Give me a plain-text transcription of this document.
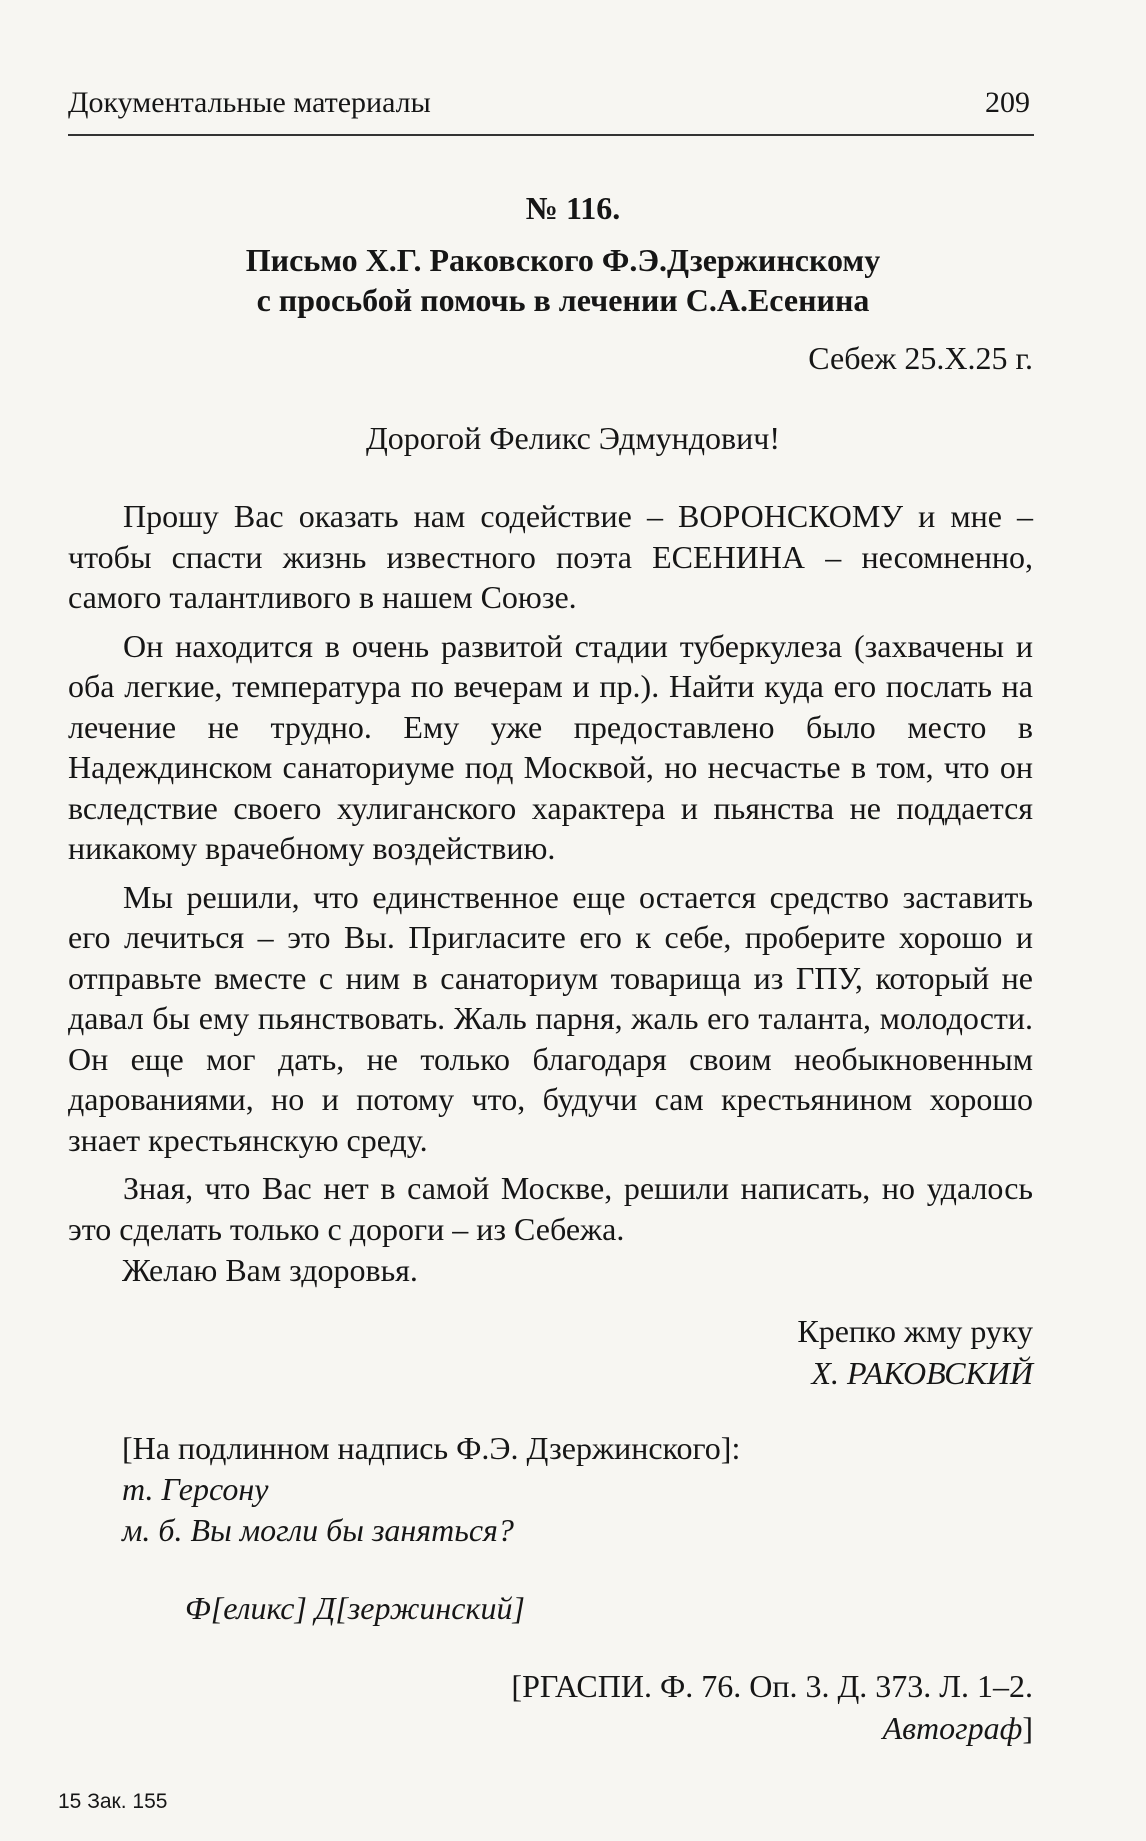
Документальные материалы	209
№ 116.
Письмо Х.Г. Раковского Ф.Э.Дзержинскому
с просьбой помочь в лечении С.А.Есенина
Себеж 25.X.25 г.
Дорогой Феликс Эдмундович!

Прошу Вас оказать нам содействие – ВОРОНСКОМУ и мне – чтобы спасти жизнь известного поэта ЕСЕНИНА – несомненно, самого талантливого в нашем Союзе.

Он находится в очень развитой стадии туберкулеза (захвачены и оба легкие, температура по вечерам и пр.). Найти куда его послать на лечение не трудно. Ему уже предоставлено было место в Надеждинском санаториуме под Москвой, но несчастье в том, что он вследствие своего хулиганского характера и пьянства не поддается никакому врачебному воздействию.

Мы решили, что единственное еще остается средство заставить его лечиться – это Вы. Пригласите его к себе, проберите хорошо и отправьте вместе с ним в санаториум товарища из ГПУ, который не давал бы ему пьянствовать. Жаль парня, жаль его таланта, молодости. Он еще мог дать, не только благодаря своим необыкновенным дарованиями, но и потому что, будучи сам крестьянином хорошо знает крестьянскую среду.

Зная, что Вас нет в самой Москве, решили написать, но удалось это сделать только с дороги – из Себежа.

Желаю Вам здоровья.
Крепко жму руку
Х. РАКОВСКИЙ
[На подлинном надпись Ф.Э. Дзержинского]:
т. Герсону
м. б. Вы могли бы заняться?
Ф[еликс] Д[зержинский]
[РГАСПИ. Ф. 76. Оп. 3. Д. 373. Л. 1–2.
Автограф]
15 Зак. 155
